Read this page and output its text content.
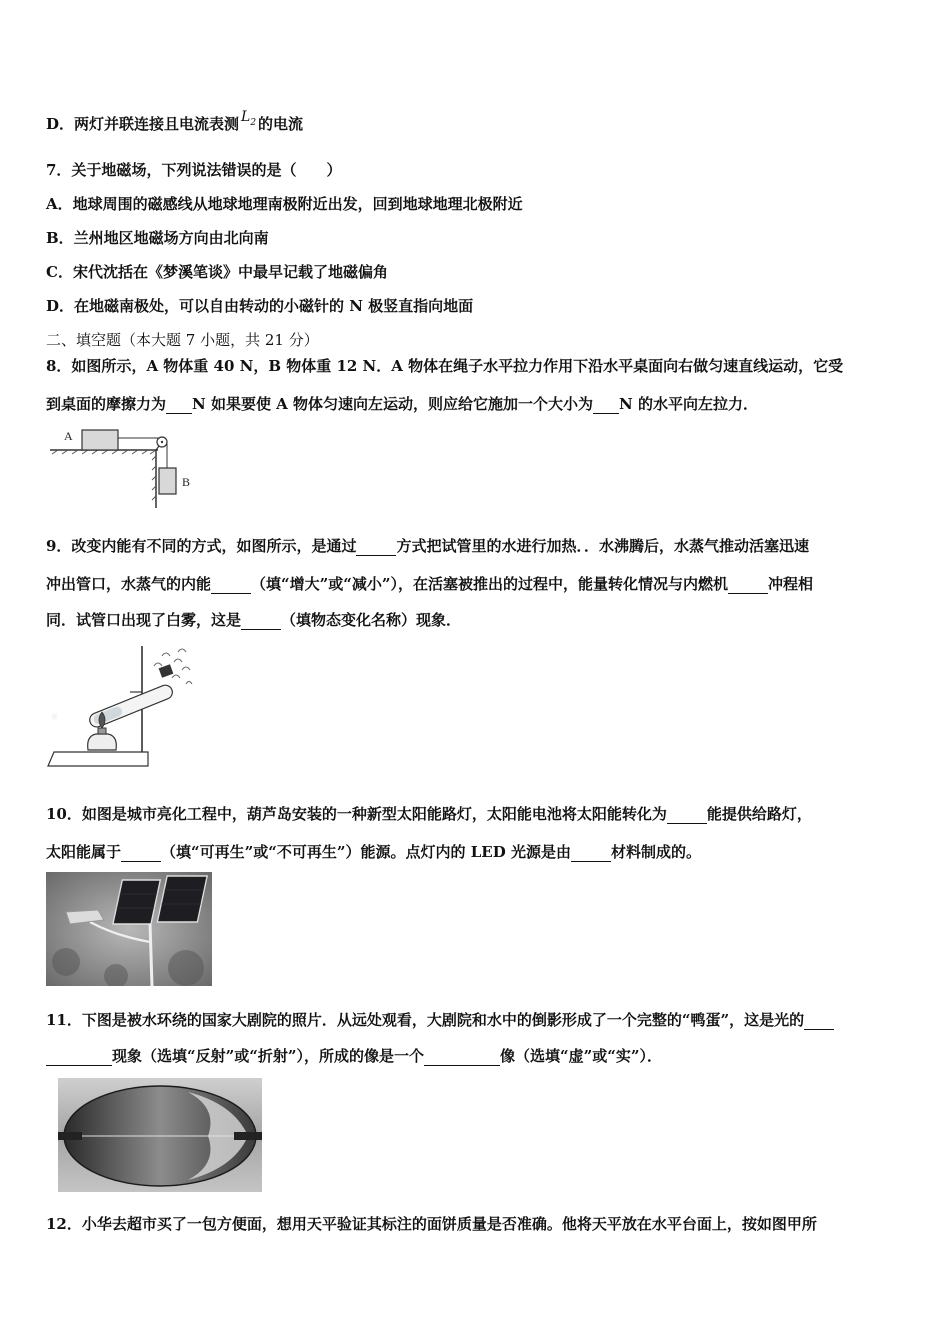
D．两灯并联连接且电流表测 $L_2$ 的电流
7．关于地磁场，下列说法错误的是（　　）
A．地球周围的磁感线从地球地理南极附近出发，回到地球地理北极附近
B．兰州地区地磁场方向由北向南
C．宋代沈括在《梦溪笔谈》中最早记载了地磁偏角
D．在地磁南极处，可以自由转动的小磁针的 N 极竖直指向地面
二、填空题（本大题 7 小题，共 21 分）
8．如图所示，A 物体重 40 N，B 物体重 12 N．A 物体在绳子水平拉力作用下沿水平桌面向右做匀速直线运动，它受
到桌面的摩擦力为 N 如果要使 A 物体匀速向左运动，则应给它施加一个大小为 N 的水平向左拉力．
A
B
9．改变内能有不同的方式，如图所示，是通过	方式把试管里的水进行加热．．水沸腾后，水蒸气推动活塞迅速
冲出管口，水蒸气的内能	（填“增大”或“减小”），在活塞被推出的过程中，能量转化情况与内燃机	冲程相
同．试管口出现了白雾，这是	（填物态变化名称）现象．
☼
10．如图是城市亮化工程中，葫芦岛安装的一种新型太阳能路灯，太阳能电池将太阳能转化为	能提供给路灯，
太阳能属于	（填“可再生”或“不可再生”）能源。点灯内的 LED 光源是由	材料制成的。
11．下图是被水环绕的国家大剧院的照片．从远处观看，大剧院和水中的倒影形成了一个完整的“鸭蛋”，这是光的
现象（选填“反射”或“折射”），所成的像是一个	像（选填“虚”或“实”）．
12．小华去超市买了一包方便面，想用天平验证其标注的面饼质量是否准确。他将天平放在水平台面上，按如图甲所
